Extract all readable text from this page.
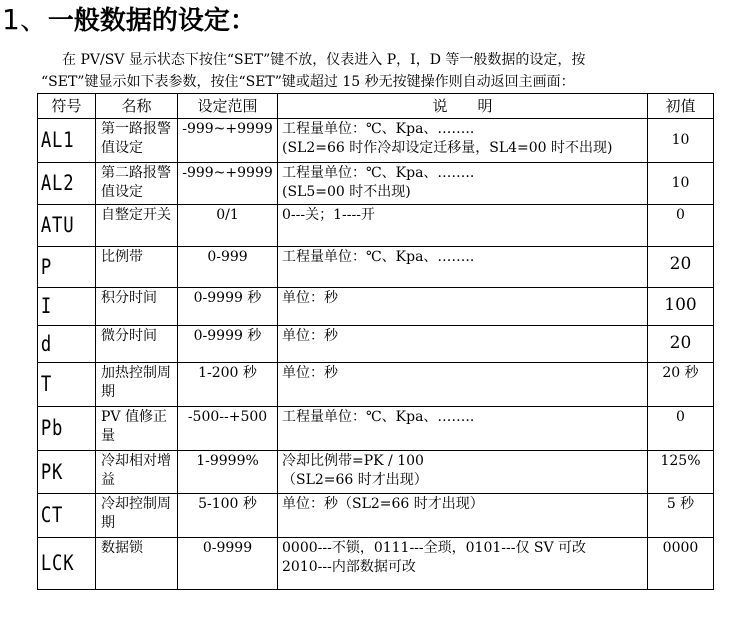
1、一般数据的设定：
在 PV/SV 显示状态下按住“SET”键不放，仪表进入 P，I，D 等一般数据的设定，按
“SET”键显示如下表参数，按住“SET”键或超过 15 秒无按键操作则自动返回主画面：
符号	名称	设定范围	说　　明	初值
AL1	第一路报警值设定	-999~+9999	工程量单位：℃、Kpa、……..
(SL2=66 时作冷却设定迁移量，SL4=00 时不出现)	10
AL2	第二路报警值设定	-999~+9999	工程量单位：℃、Kpa、……..
(SL5=00 时不出现)	10
ATU	自整定开关	0/1	0---关；1----开	0
P	比例带	0-999	工程量单位：℃、Kpa、……..	20
I	积分时间	0-9999 秒	单位：秒	100
d	微分时间	0-9999 秒	单位：秒	20
T	加热控制周期	1-200 秒	单位：秒	20 秒
Pb	PV 值修正量	-500--+500	工程量单位：℃、Kpa、……..	0
PK	冷却相对增益	1-9999%	冷却比例带=PK / 100
（SL2=66 时才出现）	125%
CT	冷却控制周期	5-100 秒	单位：秒（SL2=66 时才出现）	5 秒
LCK	数据锁	0-9999	0000---不锁，0111---全琐，0101---仅 SV 可改
2010---内部数据可改	0000
